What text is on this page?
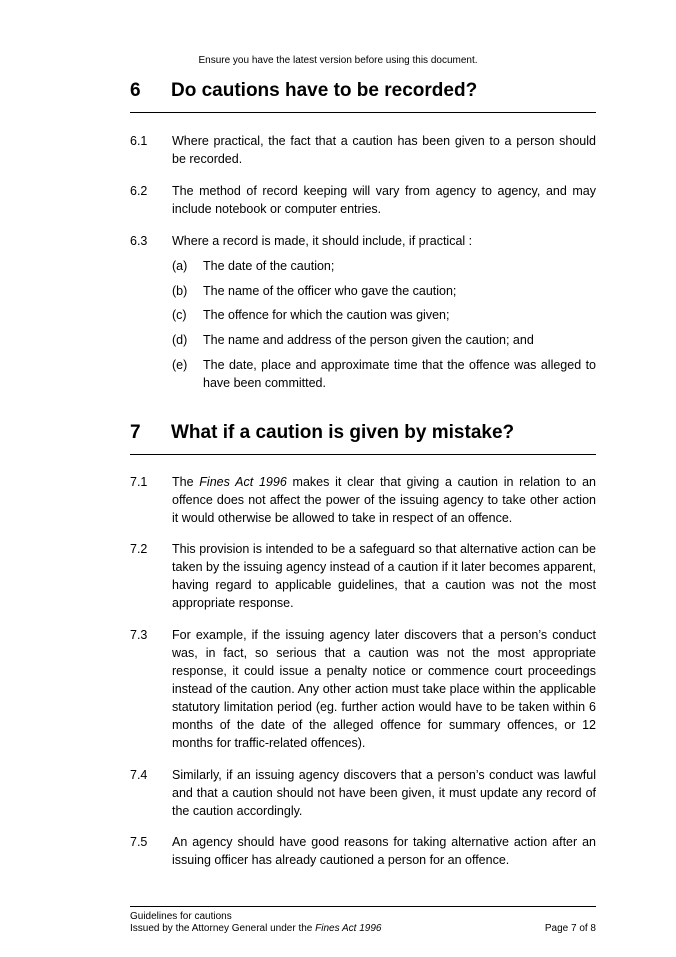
Ensure you have the latest version before using this document.
6	Do cautions have to be recorded?
6.1	Where practical, the fact that a caution has been given to a person should be recorded.
6.2	The method of record keeping will vary from agency to agency, and may include notebook or computer entries.
6.3	Where a record is made, it should include, if practical :
(a)	The date of the caution;
(b)	The name of the officer who gave the caution;
(c)	The offence for which the caution was given;
(d)	The name and address of the person given the caution; and
(e)	The date, place and approximate time that the offence was alleged to have been committed.
7	What if a caution is given by mistake?
7.1	The Fines Act 1996 makes it clear that giving a caution in relation to an offence does not affect the power of the issuing agency to take other action it would otherwise be allowed to take in respect of an offence.
7.2	This provision is intended to be a safeguard so that alternative action can be taken by the issuing agency instead of a caution if it later becomes apparent, having regard to applicable guidelines, that a caution was not the most appropriate response.
7.3	For example, if the issuing agency later discovers that a person’s conduct was, in fact, so serious that a caution was not the most appropriate response, it could issue a penalty notice or commence court proceedings instead of the caution. Any other action must take place within the applicable statutory limitation period (eg. further action would have to be taken within 6 months of the date of the alleged offence for summary offences, or 12 months for traffic-related offences).
7.4	Similarly, if an issuing agency discovers that a person’s conduct was lawful and that a caution should not have been given, it must update any record of the caution accordingly.
7.5	An agency should have good reasons for taking alternative action after an issuing officer has already cautioned a person for an offence.
Guidelines for cautions
Issued by the Attorney General under the Fines Act 1996	Page 7 of 8
